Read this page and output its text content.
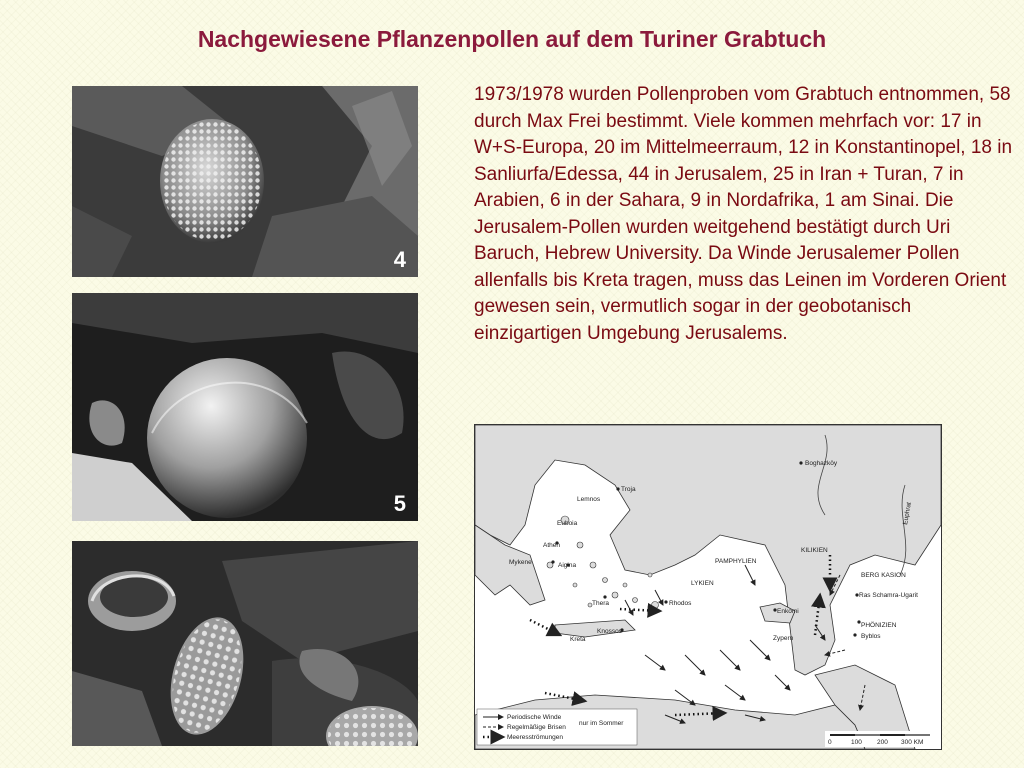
Nachgewiesene Pflanzenpollen auf dem Turiner Grabtuch
4
5

1973/1978 wurden Pollenproben vom Grabtuch entnommen, 58 durch Max Frei bestimmt. Viele kommen mehrfach vor: 17 in W+S-Europa, 20 im Mittelmeerraum, 12 in Konstantinopel, 18 in Sanliurfa/Edessa, 44 in Jerusalem, 25 in Iran + Turan, 7 in Arabien, 6 in der Sahara, 9 in Nordafrika, 1 am Sinai. Die Jerusalem-Pollen wurden weitgehend bestätigt durch Uri Baruch, Hebrew University. Da Winde Jerusalemer Pollen allenfalls bis Kreta tragen, muss das Leinen im Vorderen Orient gewesen sein, vermutlich sogar in der geobotanisch einzigartigen Umgebung Jerusalems.

Boghazköy
Troja
Lemnos
Euboia
Athen
Mykene	Aigina
Thera	Rhodos
Kreta
Knossos
LYKIEN
PAMPHYLIEN
KILIKIEN
BERG KASION
Ras Schamra-Ugarit
Enkomi
Zypern
PHÖNIZIEN
Byblos
Euphrat
Periodische Winde
Regelmäßige Brisen
Meeresströmungen
nur im Sommer
0	100 200 300 KM
